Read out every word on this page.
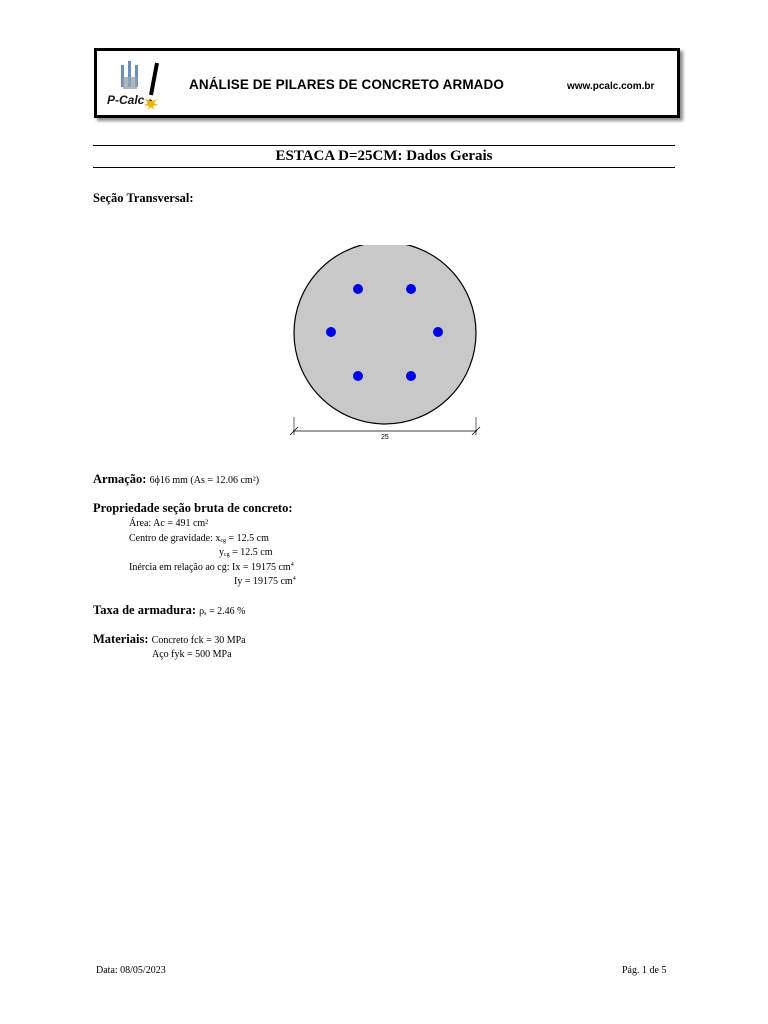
P-Calc
ANÁLISE DE PILARES DE CONCRETO ARMADO	www.pcalc.com.br
ESTACA D=25CM: Dados Gerais
Seção Transversal:
25
Armação: 6ϕ16 mm (As = 12.06 cm²)
Propriedade seção bruta de concreto:
Área: Ac = 491 cm²
Centro de gravidade: xcg = 12.5 cm
ycg = 12.5 cm
Inércia em relação ao cg: Ix = 19175 $cm^4$
Iy = 19175 $cm^4$
Taxa de armadura: ρs = 2.46 %
Materiais: Concreto fck = 30 MPa
Aço fyk = 500 MPa
Data: 08/05/2023	Pág. 1 de 5
